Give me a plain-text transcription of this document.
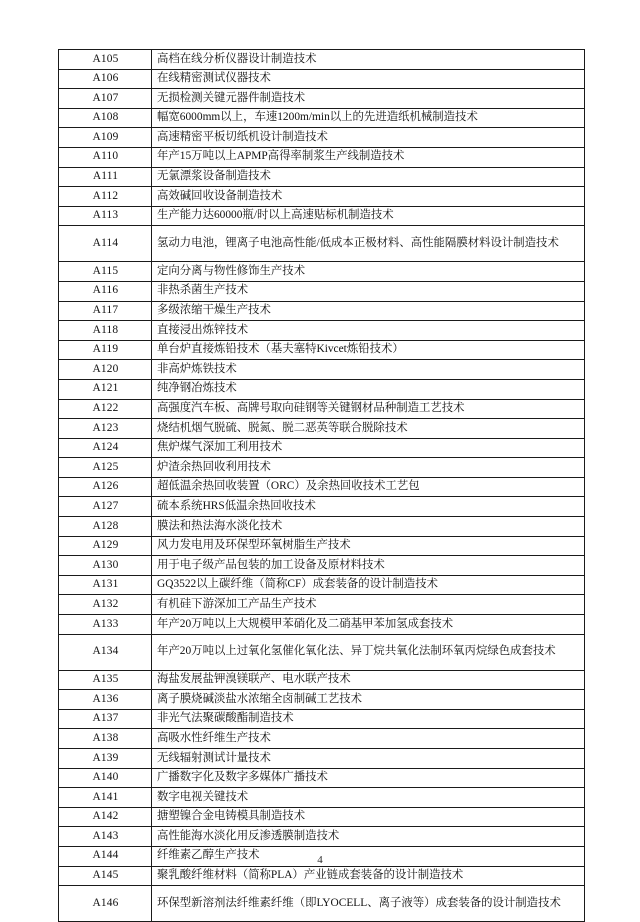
A105	高档在线分析仪器设计制造技术

A106	在线精密测试仪器技术

A107	无损检测关键元器件制造技术

A108	幅宽6000mm以上，车速1200m/min以上的先进造纸机械制造技术

A109	高速精密平板切纸机设计制造技术

A110	年产15万吨以上APMP高得率制浆生产线制造技术

A111	无氯漂浆设备制造技术

A112	高效碱回收设备制造技术

A113	生产能力达60000瓶/时以上高速贴标机制造技术

A114	氢动力电池，锂离子电池高性能/低成本正极材料、高性能隔膜材料设计制造技术

A115	定向分离与物性修饰生产技术

A116	非热杀菌生产技术

A117	多级浓缩干燥生产技术

A118	直接浸出炼锌技术

A119	单台炉直接炼铅技术（基夫塞特Kivcet炼铅技术）

A120	非高炉炼铁技术

A121	纯净钢冶炼技术

A122	高强度汽车板、高牌号取向硅钢等关键钢材品种制造工艺技术

A123	烧结机烟气脱硫、脱氮、脱二恶英等联合脱除技术

A124	焦炉煤气深加工利用技术

A125	炉渣余热回收利用技术

A126	超低温余热回收装置（ORC）及余热回收技术工艺包

A127	硫本系统HRS低温余热回收技术

A128	膜法和热法海水淡化技术

A129	风力发电用及环保型环氧树脂生产技术

A130	用于电子级产品包装的加工设备及原材料技术

A131	GQ3522以上碳纤维（简称CF）成套装备的设计制造技术

A132	有机硅下游深加工产品生产技术

A133	年产20万吨以上大规模甲苯硝化及二硝基甲苯加氢成套技术

A134	年产20万吨以上过氧化氢催化氧化法、异丁烷共氧化法制环氧丙烷绿色成套技术

A135	海盐发展盐钾溴镁联产、电水联产技术

A136	离子膜烧碱淡盐水浓缩全卤制碱工艺技术

A137	非光气法聚碳酸酯制造技术

A138	高吸水性纤维生产技术

A139	无线辐射测试计量技术

A140	广播数字化及数字多媒体广播技术

A141	数字电视关键技术

A142	搪塑镍合金电铸模具制造技术

A143	高性能海水淡化用反渗透膜制造技术

A144	纤维素乙醇生产技术

A145	聚乳酸纤维材料（简称PLA）产业链成套装备的设计制造技术

A146	环保型新溶剂法纤维素纤维（即LYOCELL、离子液等）成套装备的设计制造技术
4
